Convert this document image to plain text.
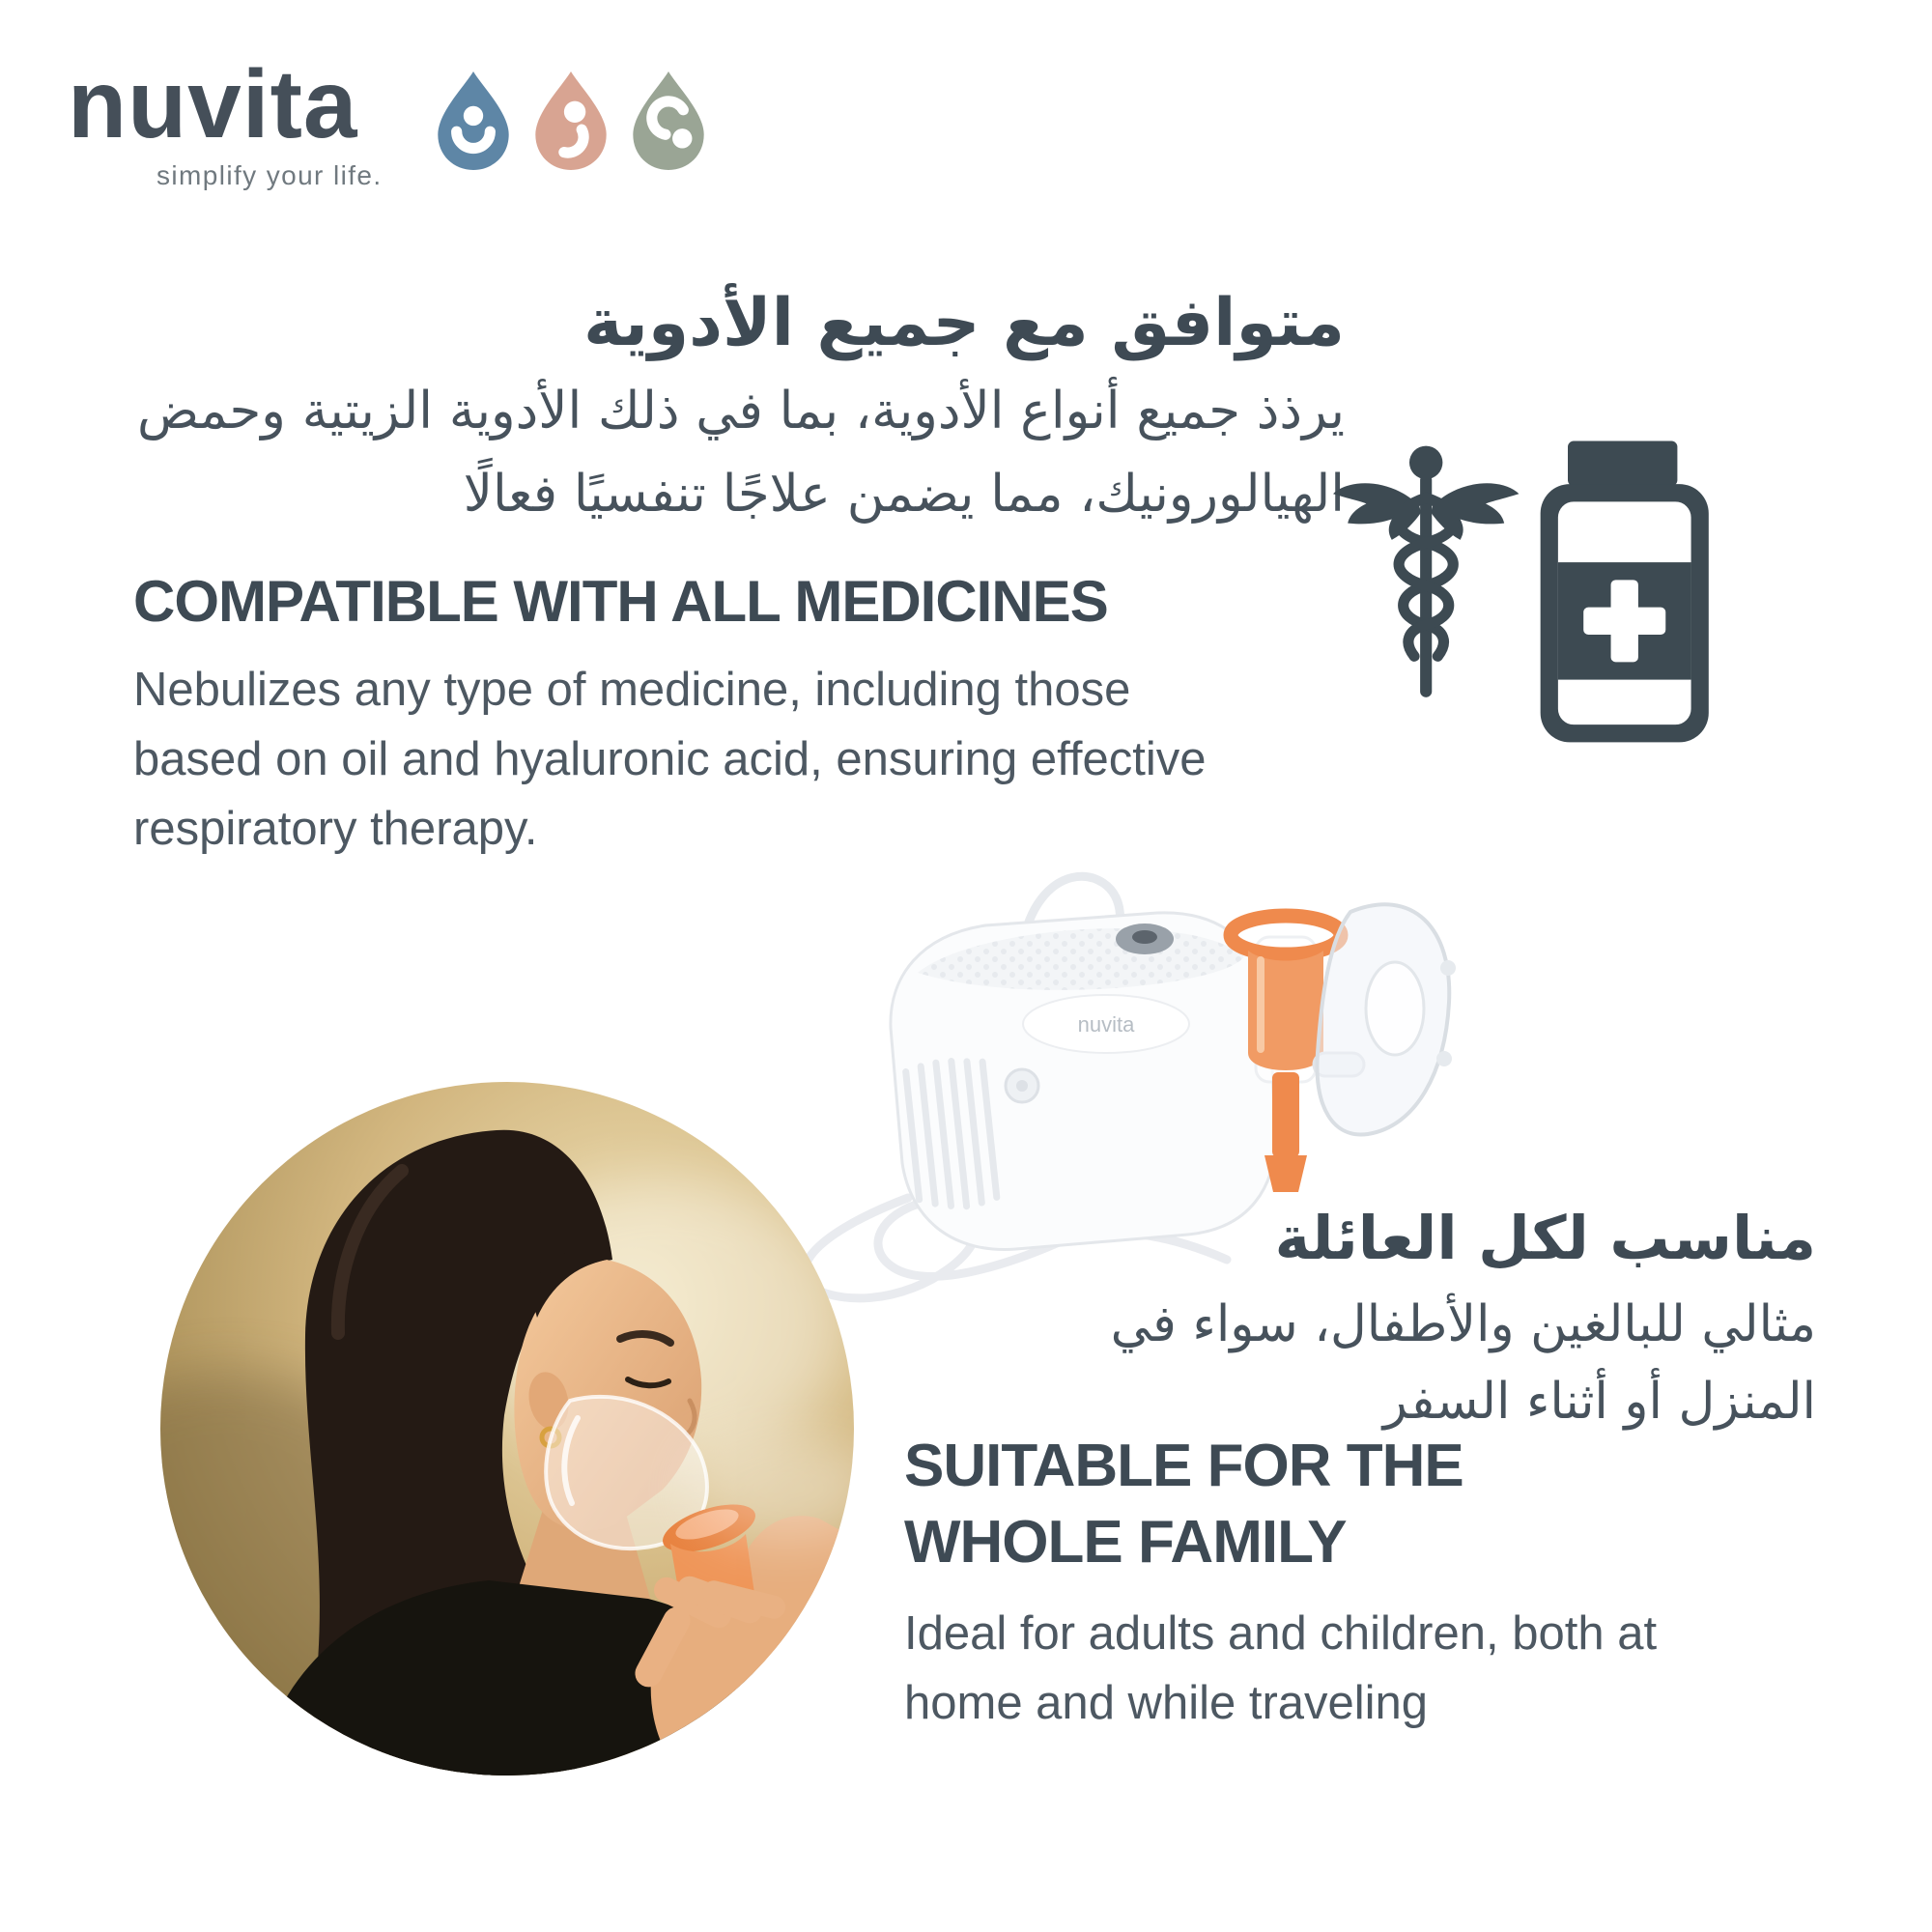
nuvita
simplify your life.
متوافق مع جميع الأدوية
يرذذ جميع أنواع الأدوية، بما في ذلك الأدوية الزيتية وحمض
الهيالورونيك، مما يضمن علاجًا تنفسيًا فعالًا
COMPATIBLE WITH ALL MEDICINES
Nebulizes any type of medicine, including those
based on oil and hyaluronic acid, ensuring effective
respiratory therapy.
nuvita
مناسب لكل العائلة
مثالي للبالغين والأطفال، سواء في
المنزل أو أثناء السفر
SUITABLE FOR THE
WHOLE FAMILY
Ideal for adults and children, both at
home and while traveling
